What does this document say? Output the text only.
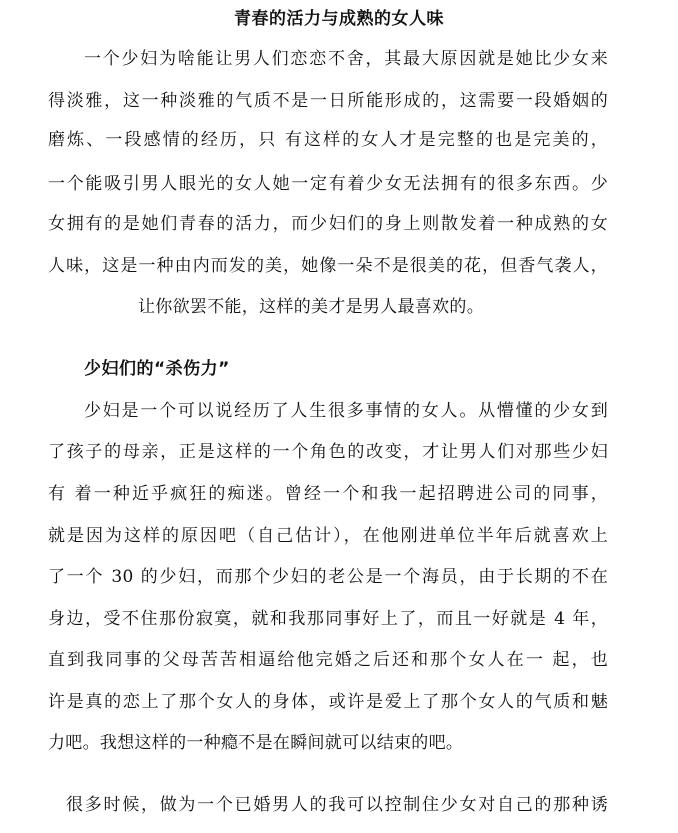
青春的活力与成熟的女人味
一个少妇为啥能让男人们恋恋不舍，其最大原因就是她比少女来
得淡雅，这一种淡雅的气质不是一日所能形成的，这需要一段婚姻的
磨炼、一段感情的经历，只 有这样的女人才是完整的也是完美的，
一个能吸引男人眼光的女人她一定有着少女无法拥有的很多东西。少
女拥有的是她们青春的活力，而少妇们的身上则散发着一种成熟的女
人味，这是一种由内而发的美，她像一朵不是很美的花，但香气袭人，
让你欲罢不能，这样的美才是男人最喜欢的。
少妇们的“杀伤力”
少妇是一个可以说经历了人生很多事情的女人。从懵懂的少女到
了孩子的母亲，正是这样的一个角色的改变，才让男人们对那些少妇
有 着一种近乎疯狂的痴迷。曾经一个和我一起招聘进公司的同事，
就是因为这样的原因吧（自己估计），在他刚进单位半年后就喜欢上
了一个 30 的少妇，而那个少妇的老公是一个海员，由于长期的不在
身边，受不住那份寂寞，就和我那同事好上了，而且一好就是 4 年，
直到我同事的父母苦苦相逼给他完婚之后还和那个女人在一 起，也
许是真的恋上了那个女人的身体，或许是爱上了那个女人的气质和魅
力吧。我想这样的一种瘾不是在瞬间就可以结束的吧。
很多时候，做为一个已婚男人的我可以控制住少女对自己的那种诱
